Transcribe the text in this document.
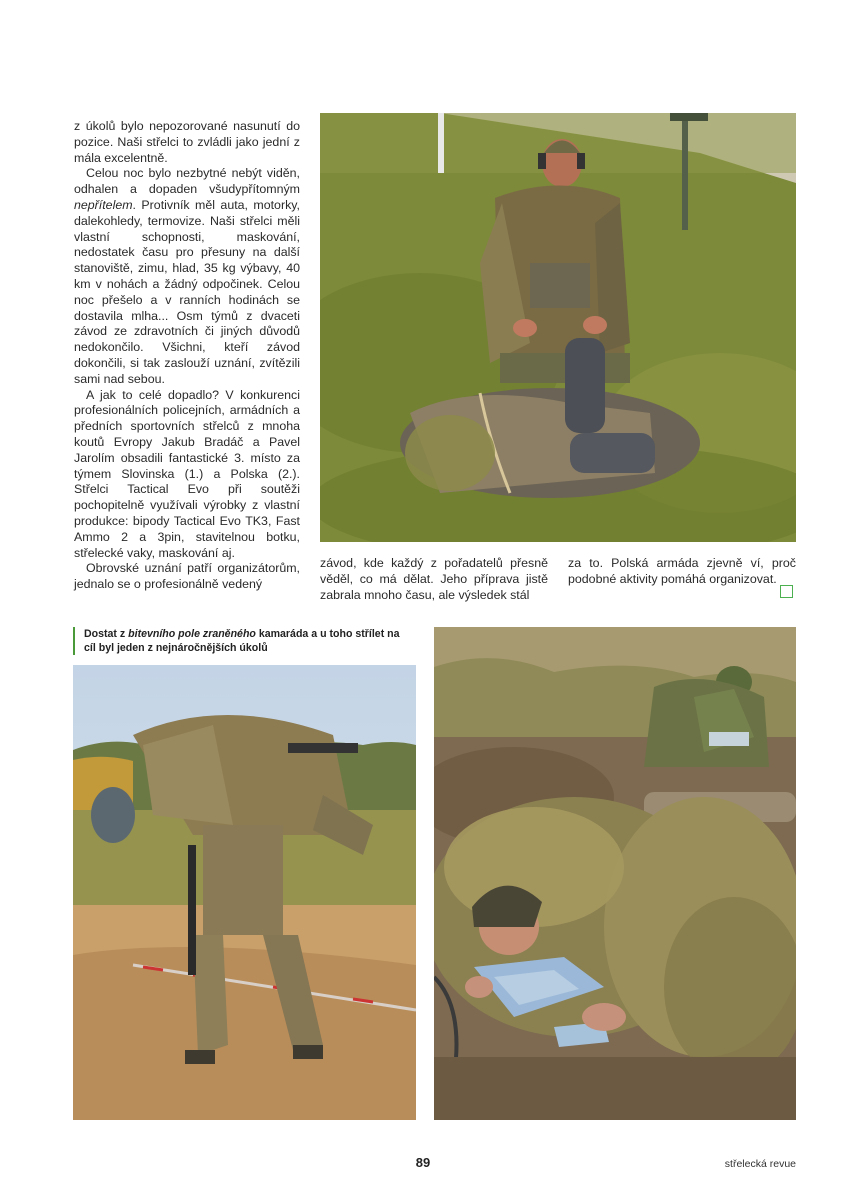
z úkolů bylo nepozorované nasunutí do pozice. Naši střelci to zvládli jako jední z mála excelentně.

Celou noc bylo nezbytné nebýt viděn, odhalen a dopaden všudypřítomným nepřítelem. Protivník měl auta, motorky, dalekohledy, termovize. Naši střelci měli vlastní schopnosti, maskování, nedostatek času pro přesuny na další stanoviště, zimu, hlad, 35 kg výbavy, 40 km v nohách a žádný odpočinek. Celou noc přešelo a v ranních hodinách se dostavila mlha... Osm týmů z dvaceti závod ze zdravotních či jiných důvodů nedokončilo. Všichni, kteří závod dokončili, si tak zaslouží uznání, zvítězili sami nad sebou.

A jak to celé dopadlo? V konkurenci profesionálních policejních, armádních a předních sportovních střelců z mnoha koutů Evropy Jakub Bradáč a Pavel Jarolím obsadili fantastické 3. místo za týmem Slovinska (1.) a Polska (2.). Střelci Tactical Evo při soutěži pochopitelně využívali výrobky z vlastní produkce: bipody Tactical Evo TK3, Fast Ammo 2 a 3pin, stavitelnou botku, střelecké vaky, maskování aj.

Obrovské uznání patří organizátorům, jednalo se o profesionálně vedený

závod, kde každý z pořadatelů přesně věděl, co má dělat. Jeho příprava jistě zabrala mnoho času, ale výsledek stál

za to. Polská armáda zjevně ví, proč podobné aktivity pomáhá organizovat.

Dostat z bitevního pole zraněného kamaráda a u toho střílet na cíl byl jeden z nejnáročnějších úkolů
89	střelecká revue
